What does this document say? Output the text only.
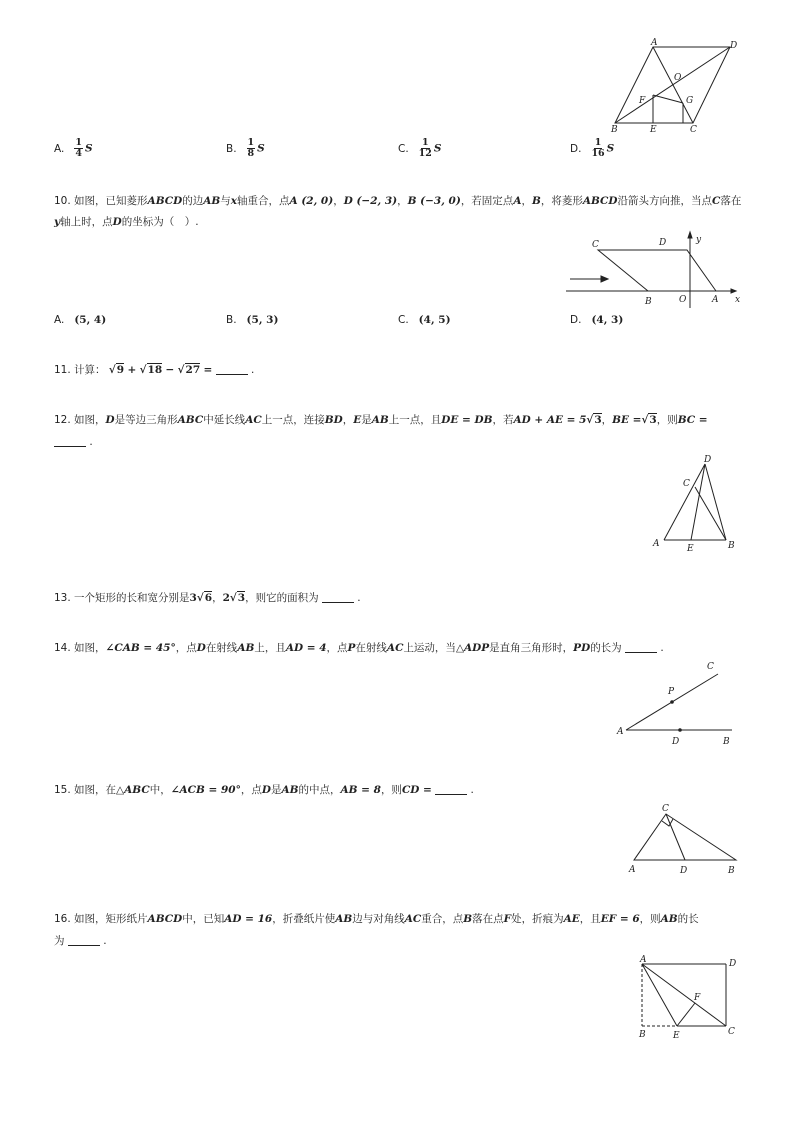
A	D
O
F	G
B	E	C
A. $\frac{1}{4}$ S	B. $\frac{1}{8}$ S	C. $\frac{1}{12}$ S	D. $\frac{1}{16}$ S
10. 如图，已知菱形ABCD的边AB与x轴重合，点A (2, 0)，D (−2, 3)，B (−3, 0)，若固定点A，B，将菱形ABCD沿箭头方向推，当点C落在
y轴上时，点D的坐标为（　）.
C	D	y
B	O	A x
A. (5, 4)	B. (5, 3)	C. (4, 5)	D. (4, 3)
11. 计算： √9 + √18 − √27 =	.
12. 如图，D是等边三角形ABC中延长线AC上一点，连接BD，E是AB上一点，且DE = DB，若AD + AE = 5√3，BE =√3，则BC =
.
D
C
A	E	B
13. 一个矩形的长和宽分别是3√6，2√3，则它的面积为	.
14. 如图，∠CAB = 45°，点D在射线AB上，且AD = 4，点P在射线AC上运动，当△ADP是直角三角形时，PD的长为	.
C
P
A
D	B
15. 如图，在△ABC中，∠ACB = 90°，点D是AB的中点，AB = 8，则CD =	.
C
A	D	B
16. 如图，矩形纸片ABCD中，已知AD = 16，折叠纸片使AB边与对角线AC重合，点B落在点F处，折痕为AE，且EF = 6，则AB的长
为	.
A	D
F
B	E	C
